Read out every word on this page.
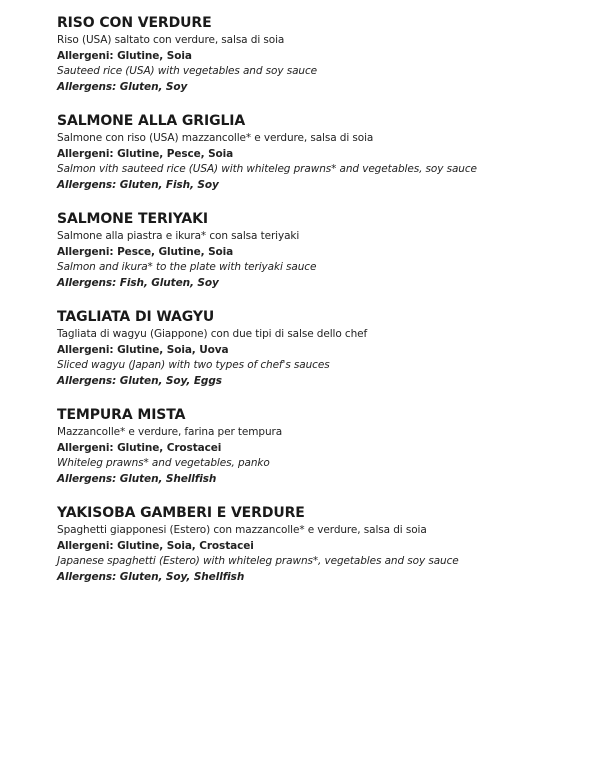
RISO CON VERDURE
Riso (USA) saltato con verdure, salsa di soia
Allergeni: Glutine, Soia
Sauteed rice (USA) with vegetables and soy sauce
Allergens: Gluten, Soy
SALMONE ALLA GRIGLIA
Salmone con riso (USA) mazzancolle* e verdure, salsa di soia
Allergeni: Glutine, Pesce, Soia
Salmon vith sauteed rice (USA) with whiteleg prawns* and vegetables, soy sauce
Allergens: Gluten, Fish, Soy
SALMONE TERIYAKI
Salmone alla piastra e ikura* con salsa teriyaki
Allergeni: Pesce, Glutine, Soia
Salmon and ikura* to the plate with teriyaki sauce
Allergens: Fish, Gluten, Soy
TAGLIATA DI WAGYU
Tagliata di wagyu (Giappone) con due tipi di salse dello chef
Allergeni: Glutine, Soia, Uova
Sliced wagyu (Japan) with two types of chef's sauces
Allergens: Gluten, Soy, Eggs
TEMPURA MISTA
Mazzancolle* e verdure, farina per tempura
Allergeni: Glutine, Crostacei
Whiteleg prawns* and vegetables, panko
Allergens: Gluten, Shellfish
YAKISOBA GAMBERI E VERDURE
Spaghetti giapponesi (Estero) con mazzancolle* e verdure, salsa di soia
Allergeni: Glutine, Soia, Crostacei
Japanese spaghetti (Estero) with whiteleg prawns*, vegetables and soy sauce
Allergens: Gluten, Soy, Shellfish
